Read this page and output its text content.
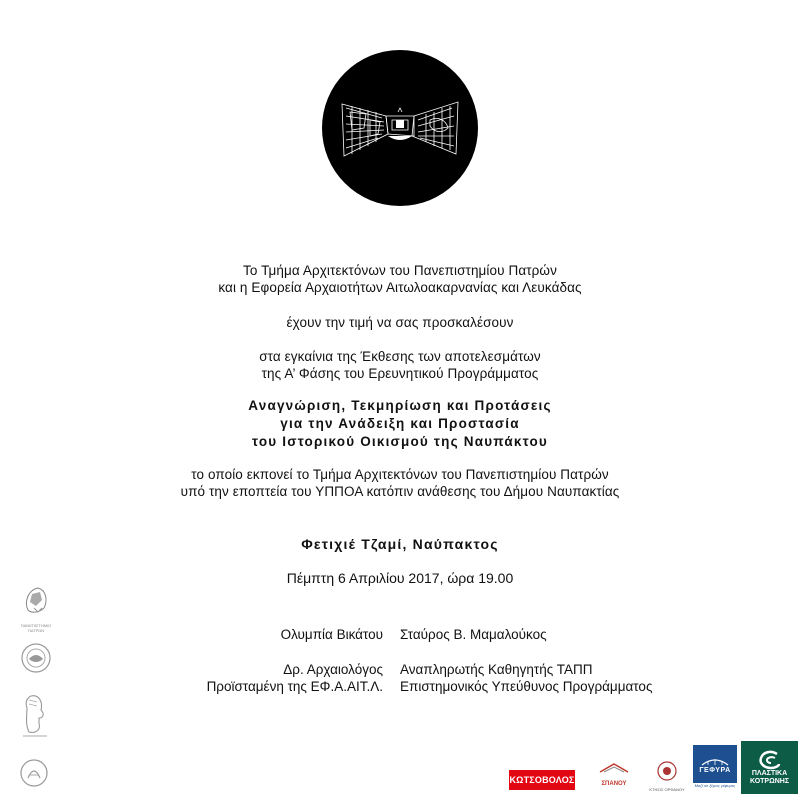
Το Τμήμα Αρχιτεκτόνων του Πανεπιστημίου Πατρών
και η Εφορεία Αρχαιοτήτων Αιτωλοακαρνανίας και Λευκάδας
έχουν την τιμή να σας προσκαλέσουν
στα εγκαίνια της Έκθεσης των αποτελεσμάτων
της Α’ Φάσης του Ερευνητικού Προγράμματος
Αναγνώριση, Τεκμηρίωση και Προτάσεις
για την Ανάδειξη και Προστασία
του Ιστορικού Οικισμού της Ναυπάκτου
το οποίο εκπονεί το Τμήμα Αρχιτεκτόνων του Πανεπιστημίου Πατρών
υπό την εποπτεία του ΥΠΠΟΑ κατόπιν ανάθεσης του Δήμου Ναυπακτίας
Φετιχιέ Τζαμί, Ναύπακτος
Πέμπτη 6 Απριλίου 2017, ώρα 19.00
Ολυμπία Βικάτου Σταύρος Β. Μαμαλούκος
Δρ. Αρχαιολόγος
Προϊσταμένη της ΕΦ.Α.ΑΙΤ.Λ.
Αναπληρωτής Καθηγητής ΤΑΠΠ
Επιστημονικός Υπεύθυνος Προγράμματος
ΠΑΝΕΠΙΣΤΗΜΙΟ ΠΑΤΡΩΝ
ΚΩΤΣΟΒΟΛΟΣ	ΣΠΑΝΟΥ
ΚΤΗΣΙΣ ΟΡΦΑΝΟΥ
ΓΕΦΥΡΑ
Μαζί σε ξέρεις γέφυρες
ΠΛΑΣΤΙΚΑ
ΚΟΤΡΩΝΗΣ
